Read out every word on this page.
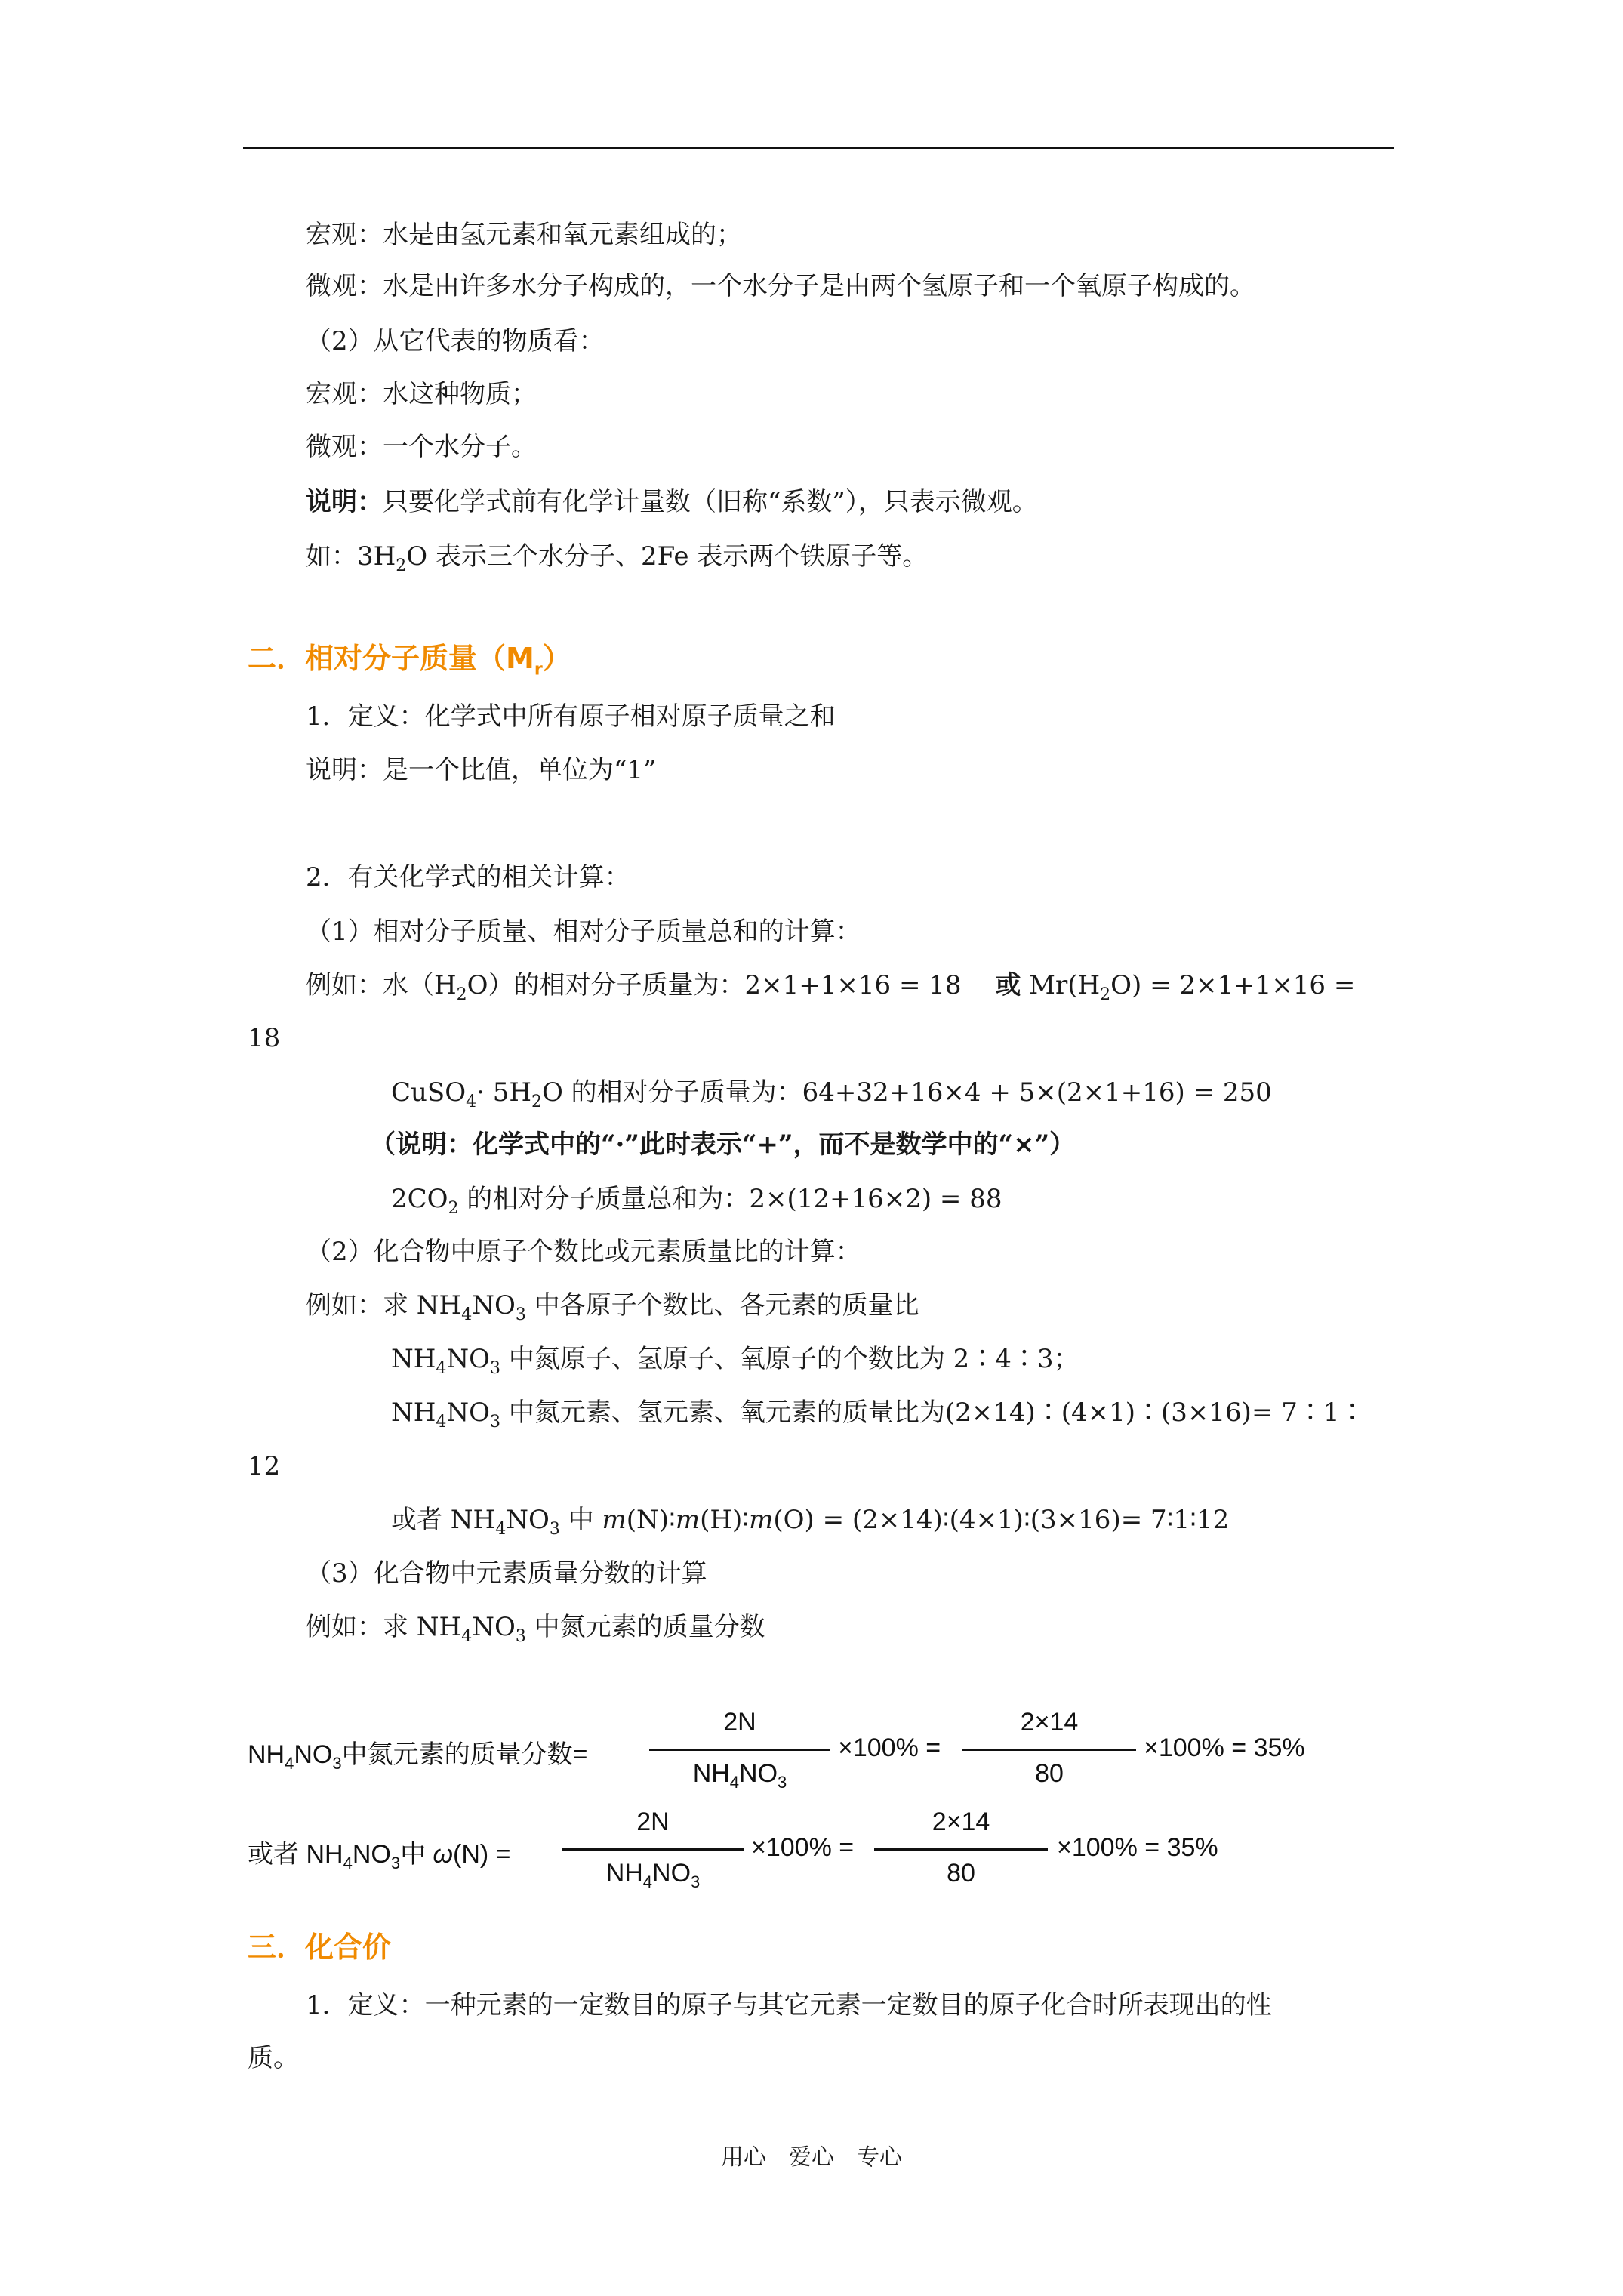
宏观：水是由氢元素和氧元素组成的；
微观：水是由许多水分子构成的，一个水分子是由两个氢原子和一个氧原子构成的。
（2）从它代表的物质看：
宏观：水这种物质；
微观：一个水分子。
说明：只要化学式前有化学计量数（旧称“系数”），只表示微观。
如：$3H_2O$ 表示三个水分子、2Fe 表示两个铁原子等。
二．相对分子质量$(M_r)$
1．定义：化学式中所有原子相对原子质量之和
说明：是一个比值，单位为“1”
2．有关化学式的相关计算：
（1）相对分子质量、相对分子质量总和的计算：
例如：水$(H_2O)$的相对分子质量为：2×1+1×16 = 18　 或 $Mr(H_2O) = 2\times 1+1\times 16$ =
18
CuSO$_4$· $5H_2O$ 的相对分子质量为：64+32+16×4 + 5×(2×1+16) = 250
（说明：化学式中的“·”此时表示“+”，而不是数学中的“×”）
$2CO_2$ 的相对分子质量总和为：2×(12+16×2) = 88
（2）化合物中原子个数比或元素质量比的计算：
例如：求 $NH_4NO_3$ 中各原子个数比、各元素的质量比
$NH_4NO_3$ 中氮原子、氢原子、氧原子的个数比为 2∶4∶3；
$NH_4NO_3$ 中氮元素、氢元素、氧元素的质量比为(2×14)∶(4×1)∶(3×16)= 7∶1∶
12
或者 $NH_4NO_3$ 中 m(N)∶m(H)∶m(O) = (2×14)∶(4×1)∶(3×16)= 7∶1∶12
（3）化合物中元素质量分数的计算
例如：求 $NH_4NO_3$ 中氮元素的质量分数
$NH_4NO_3$中氮元素的质量分数=
2N
$NH_4NO_3$
×100% =
2×14
80
×100% = 35%
或者 $NH_4NO_3$中 ω(N) =
2N
$NH_4NO_3$
×100% =
2×14
80
×100% = 35%
三．化合价
1．定义：一种元素的一定数目的原子与其它元素一定数目的原子化合时所表现出的性
质。
用心　爱心　专心
